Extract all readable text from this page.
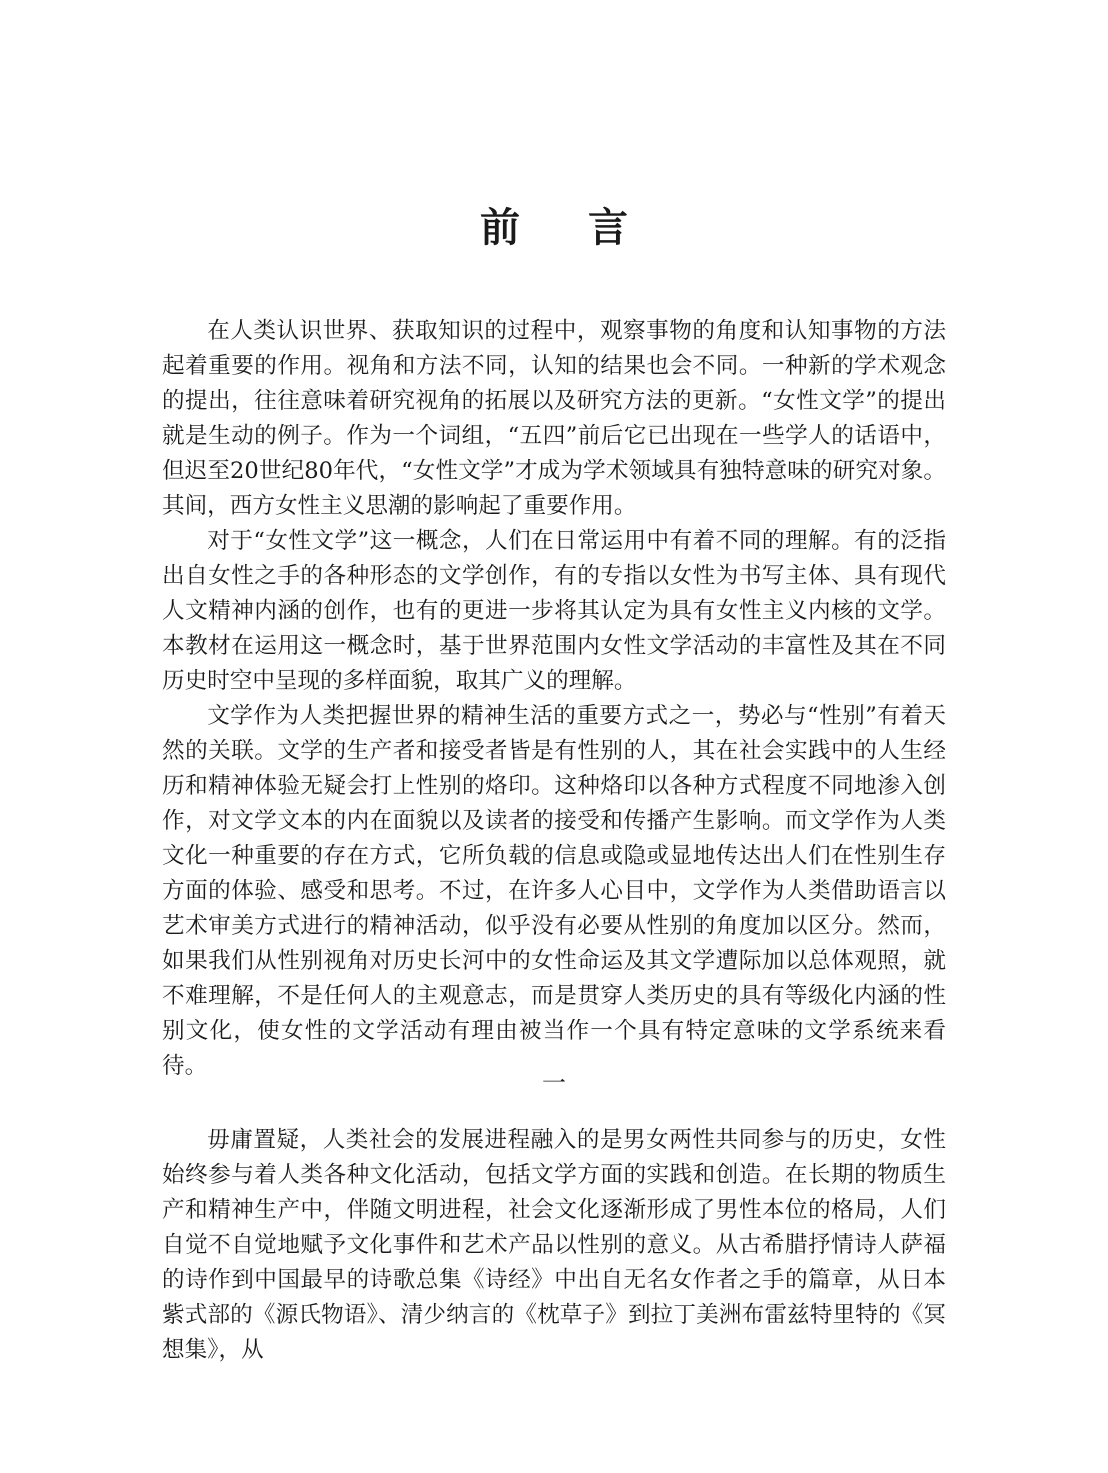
前言

在人类认识世界、获取知识的过程中，观察事物的角度和认知事物的方法起着重要的作用。视角和方法不同，认知的结果也会不同。一种新的学术观念的提出，往往意味着研究视角的拓展以及研究方法的更新。“女性文学”的提出就是生动的例子。作为一个词组，“五四”前后它已出现在一些学人的话语中，但迟至20世纪80年代，“女性文学”才成为学术领域具有独特意味的研究对象。其间，西方女性主义思潮的影响起了重要作用。

对于“女性文学”这一概念，人们在日常运用中有着不同的理解。有的泛指出自女性之手的各种形态的文学创作，有的专指以女性为书写主体、具有现代人文精神内涵的创作，也有的更进一步将其认定为具有女性主义内核的文学。本教材在运用这一概念时，基于世界范围内女性文学活动的丰富性及其在不同历史时空中呈现的多样面貌，取其广义的理解。

文学作为人类把握世界的精神生活的重要方式之一，势必与“性别”有着天然的关联。文学的生产者和接受者皆是有性别的人，其在社会实践中的人生经历和精神体验无疑会打上性别的烙印。这种烙印以各种方式程度不同地渗入创作，对文学文本的内在面貌以及读者的接受和传播产生影响。而文学作为人类文化一种重要的存在方式，它所负载的信息或隐或显地传达出人们在性别生存方面的体验、感受和思考。不过，在许多人心目中，文学作为人类借助语言以艺术审美方式进行的精神活动，似乎没有必要从性别的角度加以区分。然而，如果我们从性别视角对历史长河中的女性命运及其文学遭际加以总体观照，就不难理解，不是任何人的主观意志，而是贯穿人类历史的具有等级化内涵的性别文化，使女性的文学活动有理由被当作一个具有特定意味的文学系统来看待。

一

毋庸置疑，人类社会的发展进程融入的是男女两性共同参与的历史，女性始终参与着人类各种文化活动，包括文学方面的实践和创造。在长期的物质生产和精神生产中，伴随文明进程，社会文化逐渐形成了男性本位的格局，人们自觉不自觉地赋予文化事件和艺术产品以性别的意义。从古希腊抒情诗人萨福的诗作到中国最早的诗歌总集《诗经》中出自无名女作者之手的篇章，从日本紫式部的《源氏物语》、清少纳言的《枕草子》到拉丁美洲布雷兹特里特的《冥想集》，从
